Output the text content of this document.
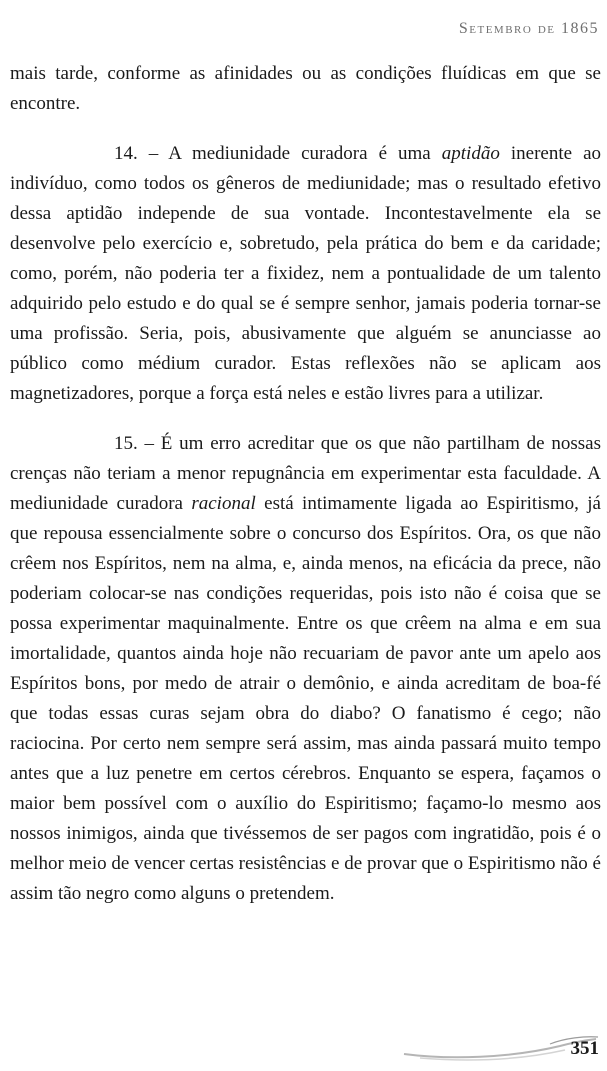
Setembro de 1865

mais tarde, conforme as afinidades ou as condições fluídicas em que se encontre.

14. – A mediunidade curadora é uma aptidão inerente ao indivíduo, como todos os gêneros de mediunidade; mas o resultado efetivo dessa aptidão independe de sua vontade. Incontestavelmente ela se desenvolve pelo exercício e, sobretudo, pela prática do bem e da caridade; como, porém, não poderia ter a fixidez, nem a pontualidade de um talento adquirido pelo estudo e do qual se é sempre senhor, jamais poderia tornar-se uma profissão. Seria, pois, abusivamente que alguém se anunciasse ao público como médium curador. Estas reflexões não se aplicam aos magnetizadores, porque a força está neles e estão livres para a utilizar.

15. – É um erro acreditar que os que não partilham de nossas crenças não teriam a menor repugnância em experimentar esta faculdade. A mediunidade curadora racional está intimamente ligada ao Espiritismo, já que repousa essencialmente sobre o concurso dos Espíritos. Ora, os que não crêem nos Espíritos, nem na alma, e, ainda menos, na eficácia da prece, não poderiam colocar-se nas condições requeridas, pois isto não é coisa que se possa experimentar maquinalmente. Entre os que crêem na alma e em sua imortalidade, quantos ainda hoje não recuariam de pavor ante um apelo aos Espíritos bons, por medo de atrair o demônio, e ainda acreditam de boa-fé que todas essas curas sejam obra do diabo? O fanatismo é cego; não raciocina. Por certo nem sempre será assim, mas ainda passará muito tempo antes que a luz penetre em certos cérebros. Enquanto se espera, façamos o maior bem possível com o auxílio do Espiritismo; façamo-lo mesmo aos nossos inimigos, ainda que tivéssemos de ser pagos com ingratidão, pois é o melhor meio de vencer certas resistências e de provar que o Espiritismo não é assim tão negro como alguns o pretendem.

351
